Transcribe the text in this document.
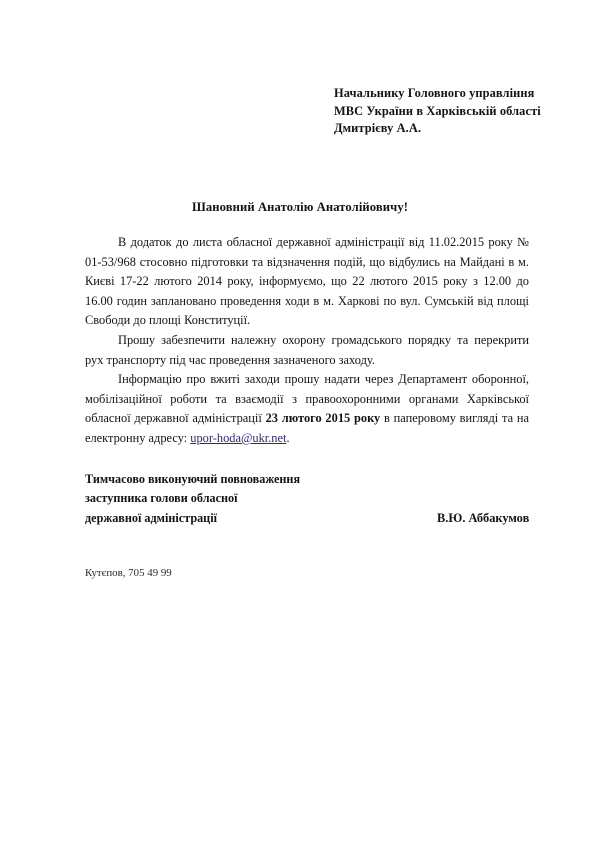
Начальнику Головного управління
МВС України в Харківській області
Дмитрієву А.А.
Шановний Анатолію Анатолійовичу!

В додаток до листа обласної державної адміністрації від 11.02.2015 року № 01-53/968 стосовно підготовки та відзначення подій, що відбулись на Майдані в м. Києві 17-22 лютого 2014 року, інформуємо, що 22 лютого 2015 року з 12.00 до 16.00 годин заплановано проведення ходи в м. Харкові по вул. Сумській від площі Свободи до площі Конституції.

Прошу забезпечити належну охорону громадського порядку та перекрити рух транспорту під час проведення зазначеного заходу.

Інформацію про вжиті заходи прошу надати через Департамент оборонної, мобілізаційної роботи та взаємодії з правоохоронними органами Харківської обласної державної адміністрації 23 лютого 2015 року в паперовому вигляді та на електронну адресу: upor-hoda@ukr.net.

Тимчасово виконуючий повноваження
заступника голови обласної
державної адміністрації	В.Ю. Аббакумов
Кутєпов, 705 49 99
